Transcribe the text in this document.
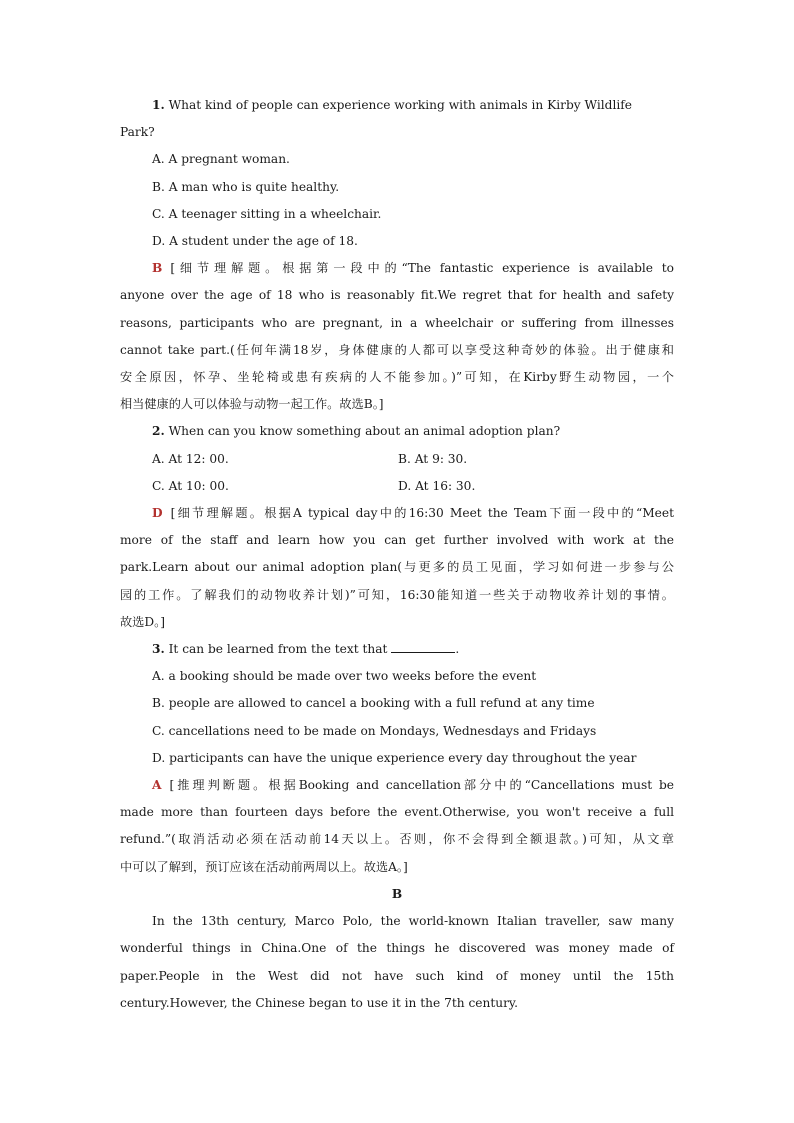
1. What kind of people can experience working with animals in Kirby Wildlife
Park?
A. A pregnant woman.
B. A man who is quite healthy.
C. A teenager sitting in a wheelchair.
D. A student under the age of 18.
B [细节理解题。根据第一段中的“The fantastic experience is available to
anyone over the age of 18 who is reasonably fit.We regret that for health and safety
reasons, participants who are pregnant, in a wheelchair or suffering from illnesses
cannot take part.(任何年满18岁，身体健康的人都可以享受这种奇妙的体验。出于健康和
安全原因，怀孕、坐轮椅或患有疾病的人不能参加。)”可知，在Kirby野生动物园，一个
相当健康的人可以体验与动物一起工作。故选B。]
2. When can you know something about an animal adoption plan?
A. At 12: 00.	B. At 9: 30.
C. At 10: 00.	D. At 16: 30.
D [细节理解题。根据A typical day中的16:30 Meet the Team下面一段中的“Meet
more of the staff and learn how you can get further involved with work at the
park.Learn about our animal adoption plan(与更多的员工见面，学习如何进一步参与公
园的工作。了解我们的动物收养计划)”可知，16:30能知道一些关于动物收养计划的事情。
故选D。]
3. It can be learned from the text that	.
A. a booking should be made over two weeks before the event
B. people are allowed to cancel a booking with a full refund at any time
C. cancellations need to be made on Mondays, Wednesdays and Fridays
D. participants can have the unique experience every day throughout the year
A [推理判断题。根据Booking and cancellation部分中的“Cancellations must be
made more than fourteen days before the event.Otherwise, you won't receive a full
refund.”(取消活动必须在活动前14天以上。否则，你不会得到全额退款。)可知，从文章
中可以了解到，预订应该在活动前两周以上。故选A。]
B
In the 13th century, Marco Polo, the world-known Italian traveller, saw many
wonderful things in China.One of the things he discovered was money made of
paper.People in the West did not have such kind of money until the 15th
century.However, the Chinese began to use it in the 7th century.
